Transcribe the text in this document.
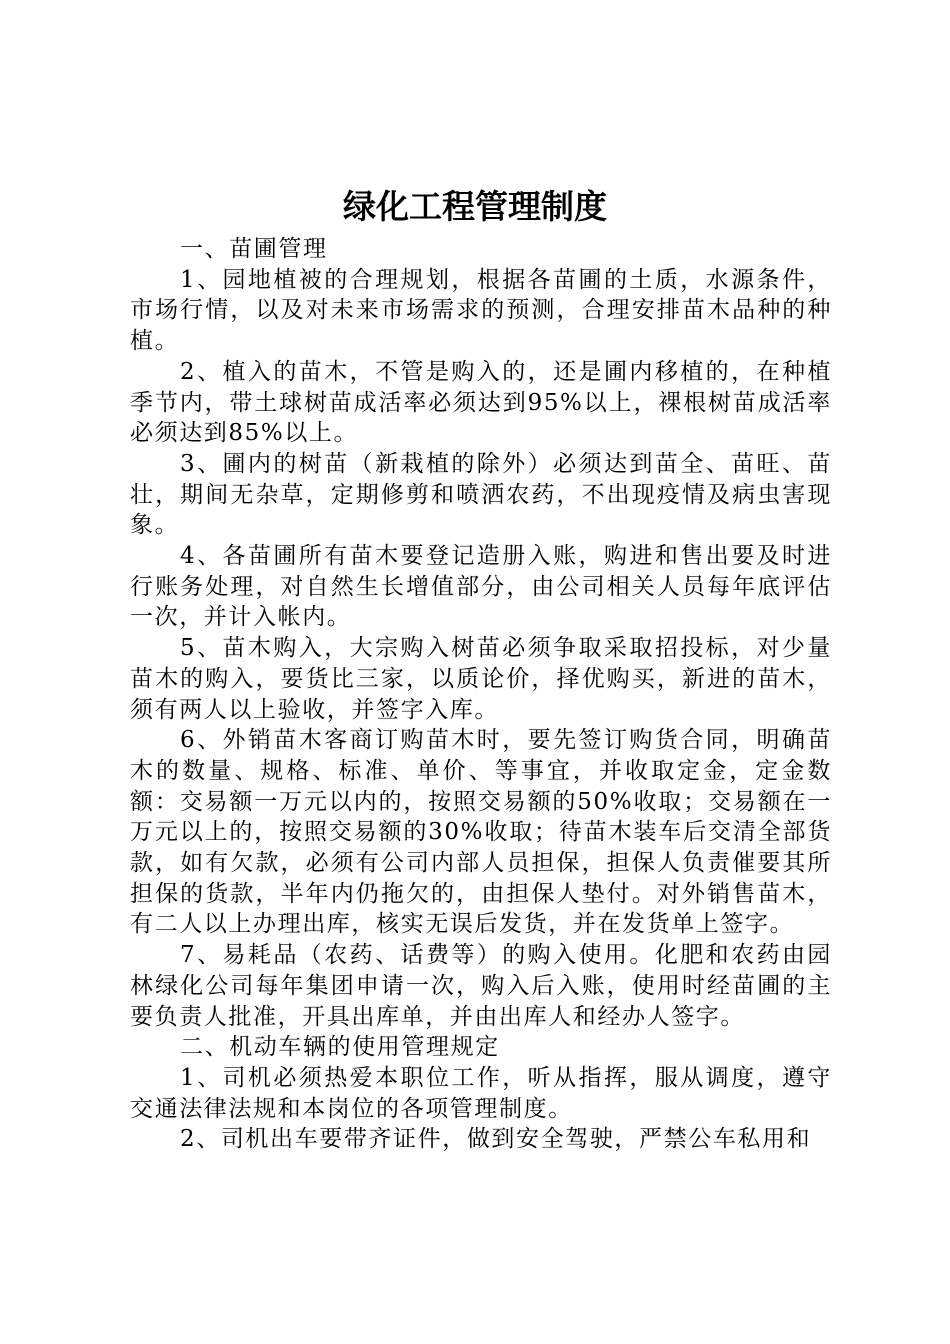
绿化工程管理制度

一、苗圃管理

1、园地植被的合理规划，根据各苗圃的土质，水源条件，市场行情，以及对未来市场需求的预测，合理安排苗木品种的种植。

2、植入的苗木，不管是购入的，还是圃内移植的，在种植季节内，带土球树苗成活率必须达到95%以上，裸根树苗成活率必须达到85%以上。

3、圃内的树苗（新栽植的除外）必须达到苗全、苗旺、苗壮，期间无杂草，定期修剪和喷洒农药，不出现疫情及病虫害现象。

4、各苗圃所有苗木要登记造册入账，购进和售出要及时进行账务处理，对自然生长增值部分，由公司相关人员每年底评估一次，并计入帐内。

5、苗木购入，大宗购入树苗必须争取采取招投标，对少量苗木的购入，要货比三家，以质论价，择优购买，新进的苗木，须有两人以上验收，并签字入库。

6、外销苗木客商订购苗木时，要先签订购货合同，明确苗木的数量、规格、标准、单价、等事宜，并收取定金，定金数额：交易额一万元以内的，按照交易额的50%收取；交易额在一万元以上的，按照交易额的30%收取；待苗木装车后交清全部货款，如有欠款，必须有公司内部人员担保，担保人负责催要其所担保的货款，半年内仍拖欠的，由担保人垫付。对外销售苗木，有二人以上办理出库，核实无误后发货，并在发货单上签字。

7、易耗品（农药、话费等）的购入使用。化肥和农药由园林绿化公司每年集团申请一次，购入后入账，使用时经苗圃的主要负责人批准，开具出库单，并由出库人和经办人签字。

二、机动车辆的使用管理规定

1、司机必须热爱本职位工作，听从指挥，服从调度，遵守交通法律法规和本岗位的各项管理制度。

2、司机出车要带齐证件，做到安全驾驶，严禁公车私用和
